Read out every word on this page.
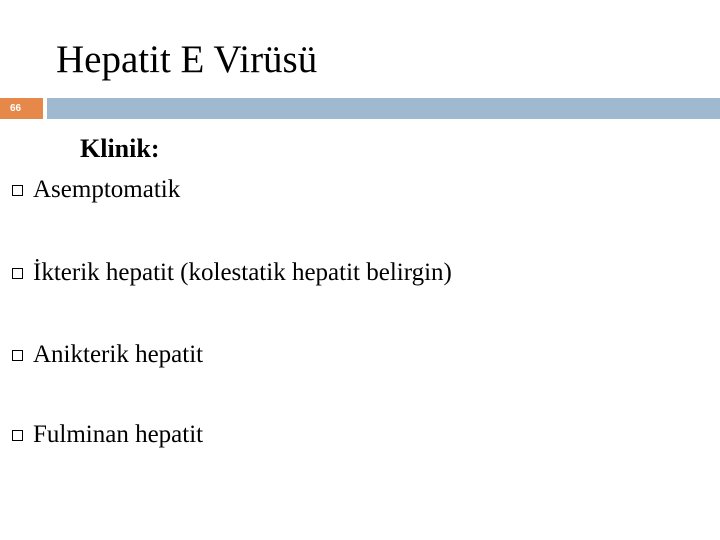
Hepatit E Virüsü
66
Klinik:
Asemptomatik
İkterik hepatit (kolestatik hepatit belirgin)
Anikterik hepatit
Fulminan hepatit
